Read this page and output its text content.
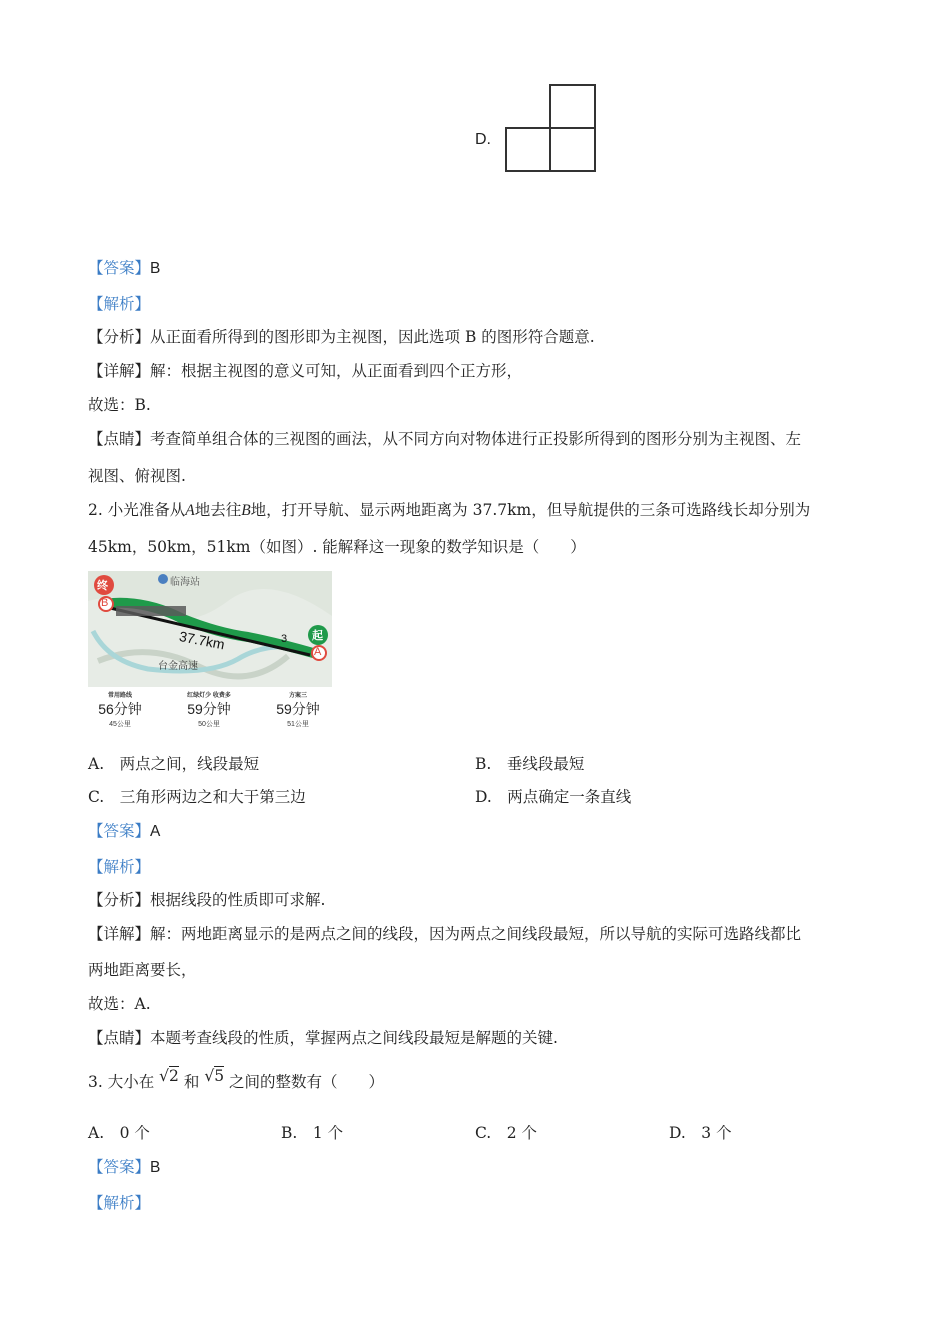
D.
【答案】B
【解析】
【分析】从正面看所得到的图形即为主视图，因此选项 B 的图形符合题意.
【详解】解：根据主视图的意义可知，从正面看到四个正方形，
故选：B.
【点睛】考查简单组合体的三视图的画法，从不同方向对物体进行正投影所得到的图形分别为主视图、左
视图、俯视图.
2. 小光准备从A地去往B地，打开导航、显示两地距离为 37.7km，但导航提供的三条可选路线长却分别为
45km，50km，51km（如图）. 能解释这一现象的数学知识是（　　）
终
起
B
A
临海站
3
37.7km
台金高速
常用路线
56分钟
45公里
红绿灯少 收费多
59分钟
50公里
方案三
59分钟
51公里
A.　两点之间，线段最短	B.　垂线段最短
C.　三角形两边之和大于第三边	D.　两点确定一条直线
【答案】A
【解析】
【分析】根据线段的性质即可求解.
【详解】解：两地距离显示的是两点之间的线段，因为两点之间线段最短，所以导航的实际可选路线都比
两地距离要长，
故选：A.
【点睛】本题考查线段的性质，掌握两点之间线段最短是解题的关键.
3. 大小在 √2 和 √5 之间的整数有（　　）
A.　0 个	B.　1 个	C.　2 个	D.　3 个
【答案】B
【解析】
